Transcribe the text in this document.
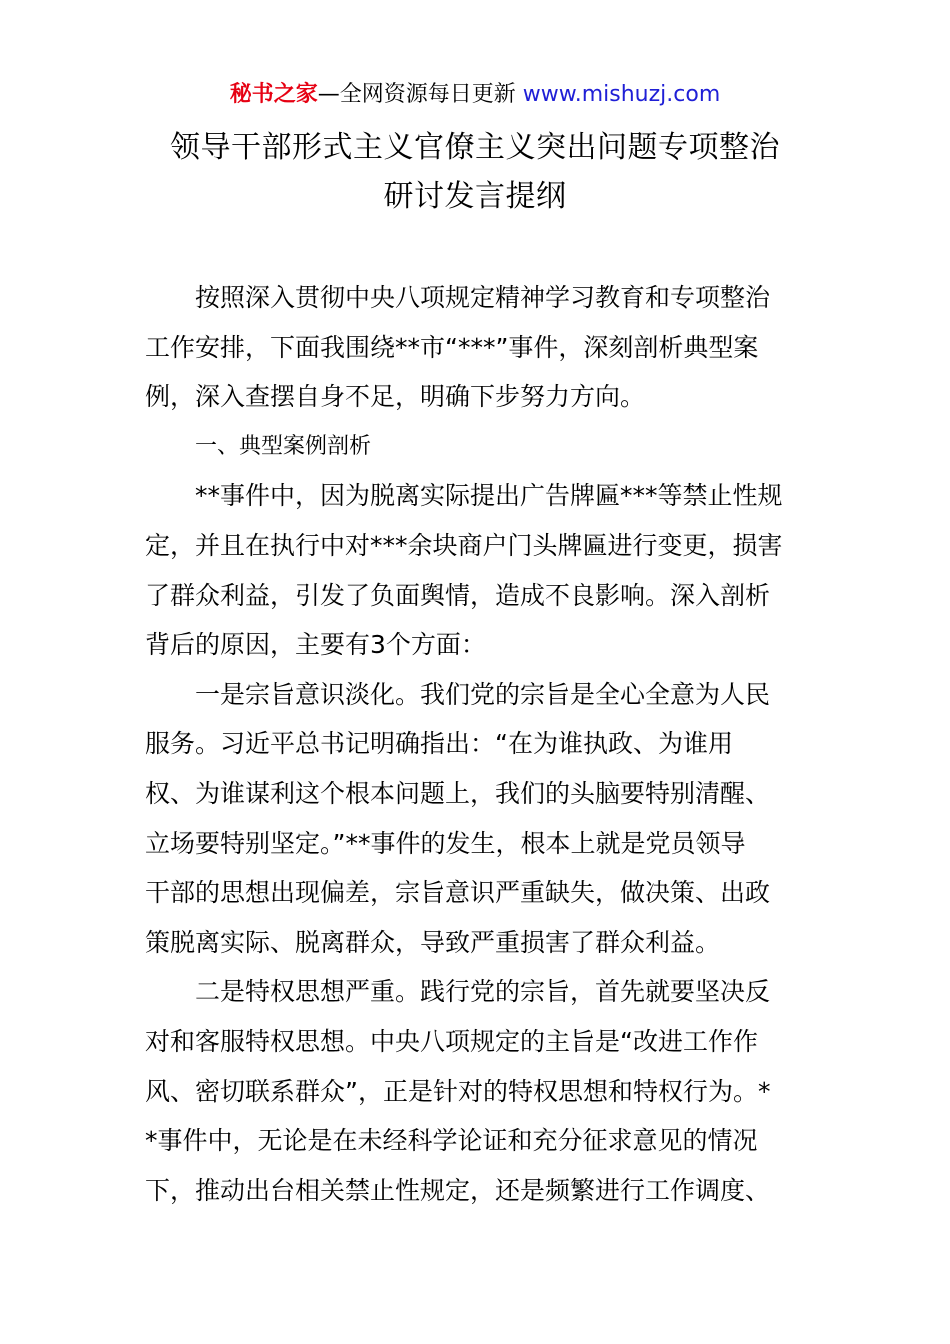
秘书之家—全网资源每日更新 www.mishuzj.com
领导干部形式主义官僚主义突出问题专项整治
研讨发言提纲
按照深入贯彻中央八项规定精神学习教育和专项整治
工作安排，下面我围绕**市“***”事件，深刻剖析典型案
例，深入查摆自身不足，明确下步努力方向。
一、典型案例剖析
**事件中，因为脱离实际提出广告牌匾***等禁止性规
定，并且在执行中对***余块商户门头牌匾进行变更，损害
了群众利益，引发了负面舆情，造成不良影响。深入剖析
背后的原因，主要有3个方面：
一是宗旨意识淡化。我们党的宗旨是全心全意为人民
服务。习近平总书记明确指出：“在为谁执政、为谁用
权、为谁谋利这个根本问题上，我们的头脑要特别清醒、
立场要特别坚定。”**事件的发生，根本上就是党员领导
干部的思想出现偏差，宗旨意识严重缺失，做决策、出政
策脱离实际、脱离群众，导致严重损害了群众利益。
二是特权思想严重。践行党的宗旨，首先就要坚决反
对和客服特权思想。中央八项规定的主旨是“改进工作作
风、密切联系群众”，正是针对的特权思想和特权行为。*
*事件中，无论是在未经科学论证和充分征求意见的情况
下，推动出台相关禁止性规定，还是频繁进行工作调度、
